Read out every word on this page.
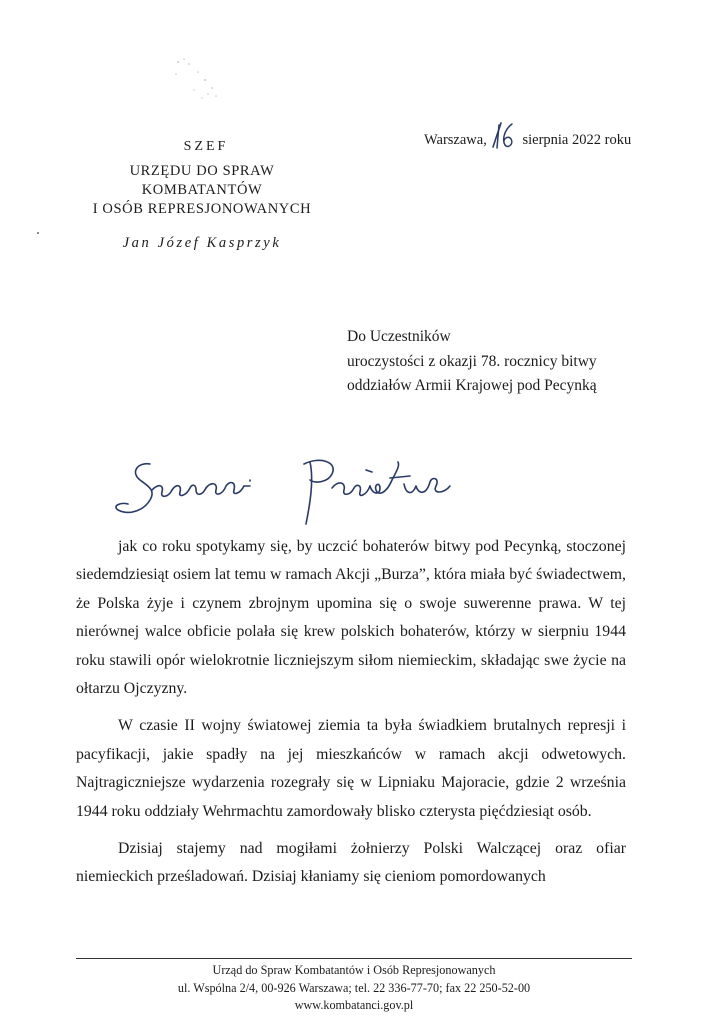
SZEF
URZĘDU DO SPRAW KOMBATANTÓW
I OSÓB REPRESJONOWANYCH
Jan Józef Kasprzyk
Warszawa, sierpnia 2022 roku
Do Uczestników
uroczystości z okazji 78. rocznicy bitwy
oddziałów Armii Krajowej pod Pecynką

jak co roku spotykamy się, by uczcić bohaterów bitwy pod Pecynką, stoczonej siedemdziesiąt osiem lat temu w ramach Akcji „Burza”, która miała być świadectwem, że Polska żyje i czynem zbrojnym upomina się o swoje suwerenne prawa. W tej nierównej walce obficie polała się krew polskich bohaterów, którzy w sierpniu 1944 roku stawili opór wielokrotnie liczniejszym siłom niemieckim, składając swe życie na ołtarzu Ojczyzny.

W czasie II wojny światowej ziemia ta była świadkiem brutalnych represji i pacyfikacji, jakie spadły na jej mieszkańców w ramach akcji odwetowych. Najtragiczniejsze wydarzenia rozegrały się w Lipniaku Majoracie, gdzie 2 września 1944 roku oddziały Wehrmachtu zamordowały blisko czterysta pięćdziesiąt osób.

Dzisiaj stajemy nad mogiłami żołnierzy Polski Walczącej oraz ofiar niemieckich prześladowań. Dzisiaj kłaniamy się cieniom pomordowanych

Urząd do Spraw Kombatantów i Osób Represjonowanych
ul. Wspólna 2/4, 00-926 Warszawa; tel. 22 336-77-70; fax 22 250-52-00
www.kombatanci.gov.pl
